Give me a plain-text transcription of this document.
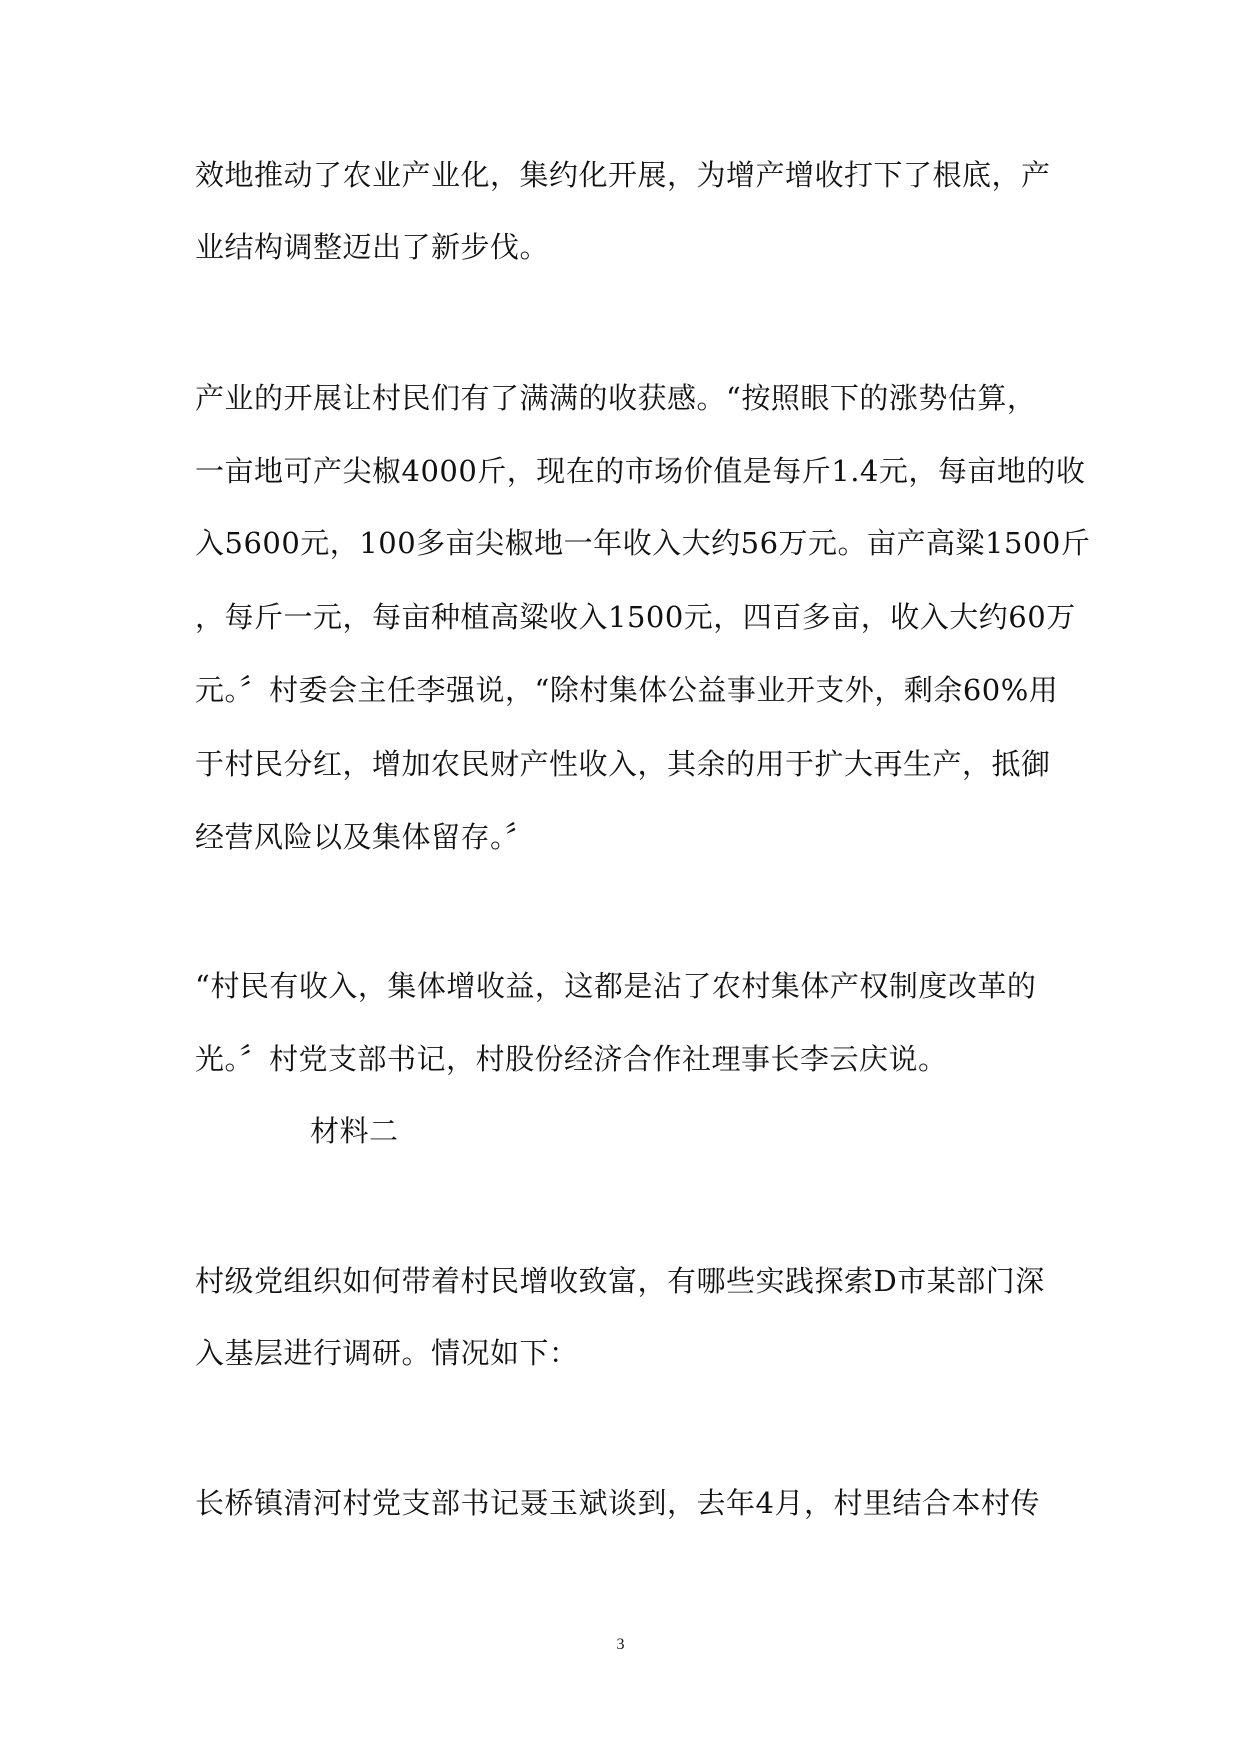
效地推动了农业产业化，集约化开展，为增产增收打下了根底，产
业结构调整迈出了新步伐。
产业的开展让村民们有了满满的收获感。“按照眼下的涨势估算，
一亩地可产尖椒4000斤，现在的市场价值是每斤1.4元，每亩地的收
入5600元，100多亩尖椒地一年收入大约56万元。亩产高粱1500斤
，每斤一元，每亩种植高粱收入1500元，四百多亩，收入大约60万
元。〞村委会主任李强说，“除村集体公益事业开支外，剩余60%用
于村民分红，增加农民财产性收入，其余的用于扩大再生产，抵御
经营风险以及集体留存。〞
“村民有收入，集体增收益，这都是沾了农村集体产权制度改革的
光。〞村党支部书记，村股份经济合作社理事长李云庆说。
材料二
村级党组织如何带着村民增收致富，有哪些实践探索D市某部门深
入基层进行调研。情况如下：
长桥镇清河村党支部书记聂玉斌谈到，去年4月，村里结合本村传
3
